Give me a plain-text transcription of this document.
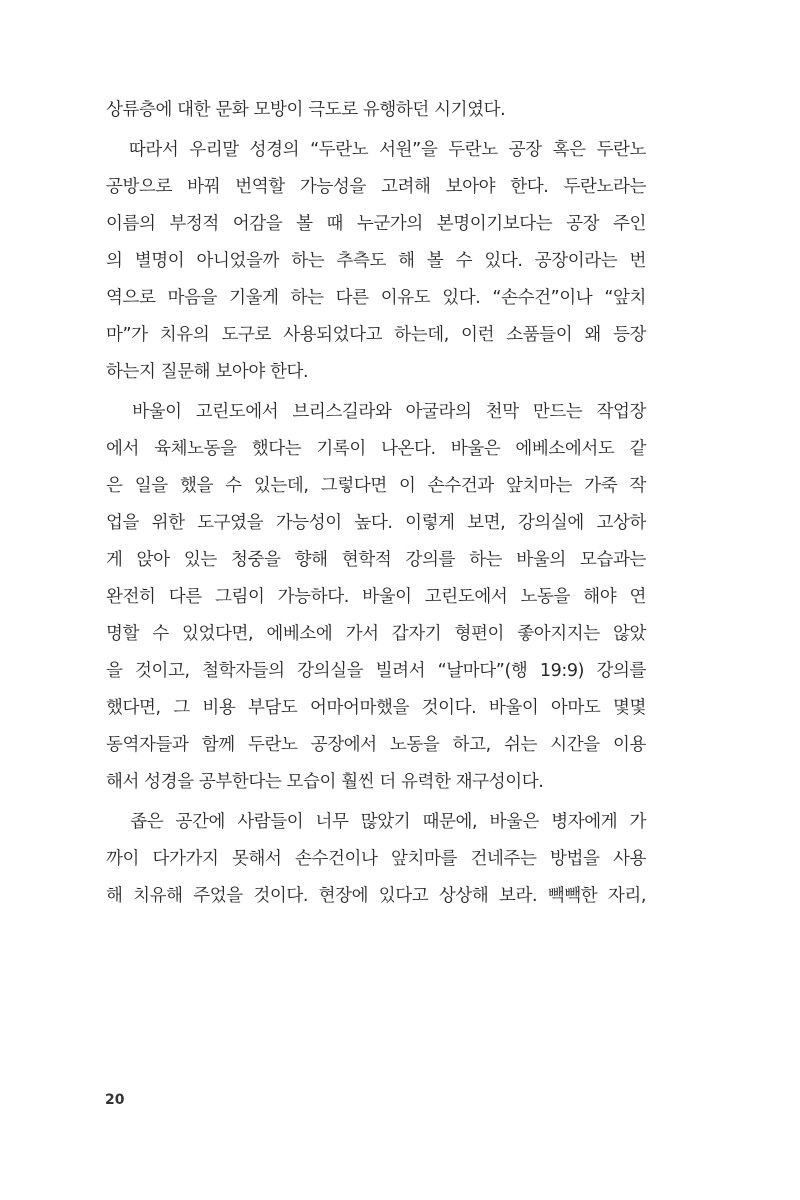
상류층에 대한 문화 모방이 극도로 유행하던 시기였다.
　따라서 우리말 성경의 “두란노 서원”을 두란노 공장 혹은 두란노
공방으로 바꿔 번역할 가능성을 고려해 보아야 한다. 두란노라는
이름의 부정적 어감을 볼 때 누군가의 본명이기보다는 공장 주인
의 별명이 아니었을까 하는 추측도 해 볼 수 있다. 공장이라는 번
역으로 마음을 기울게 하는 다른 이유도 있다. “손수건”이나 “앞치
마”가 치유의 도구로 사용되었다고 하는데, 이런 소품들이 왜 등장
하는지 질문해 보아야 한다.
　바울이 고린도에서 브리스길라와 아굴라의 천막 만드는 작업장
에서 육체노동을 했다는 기록이 나온다. 바울은 에베소에서도 같
은 일을 했을 수 있는데, 그렇다면 이 손수건과 앞치마는 가죽 작
업을 위한 도구였을 가능성이 높다. 이렇게 보면, 강의실에 고상하
게 앉아 있는 청중을 향해 현학적 강의를 하는 바울의 모습과는
완전히 다른 그림이 가능하다. 바울이 고린도에서 노동을 해야 연
명할 수 있었다면, 에베소에 가서 갑자기 형편이 좋아지지는 않았
을 것이고, 철학자들의 강의실을 빌려서 “날마다”(행 19:9) 강의를
했다면, 그 비용 부담도 어마어마했을 것이다. 바울이 아마도 몇몇
동역자들과 함께 두란노 공장에서 노동을 하고, 쉬는 시간을 이용
해서 성경을 공부한다는 모습이 훨씬 더 유력한 재구성이다.
　좁은 공간에 사람들이 너무 많았기 때문에, 바울은 병자에게 가
까이 다가가지 못해서 손수건이나 앞치마를 건네주는 방법을 사용
해 치유해 주었을 것이다. 현장에 있다고 상상해 보라. 빽빽한 자리,
20
